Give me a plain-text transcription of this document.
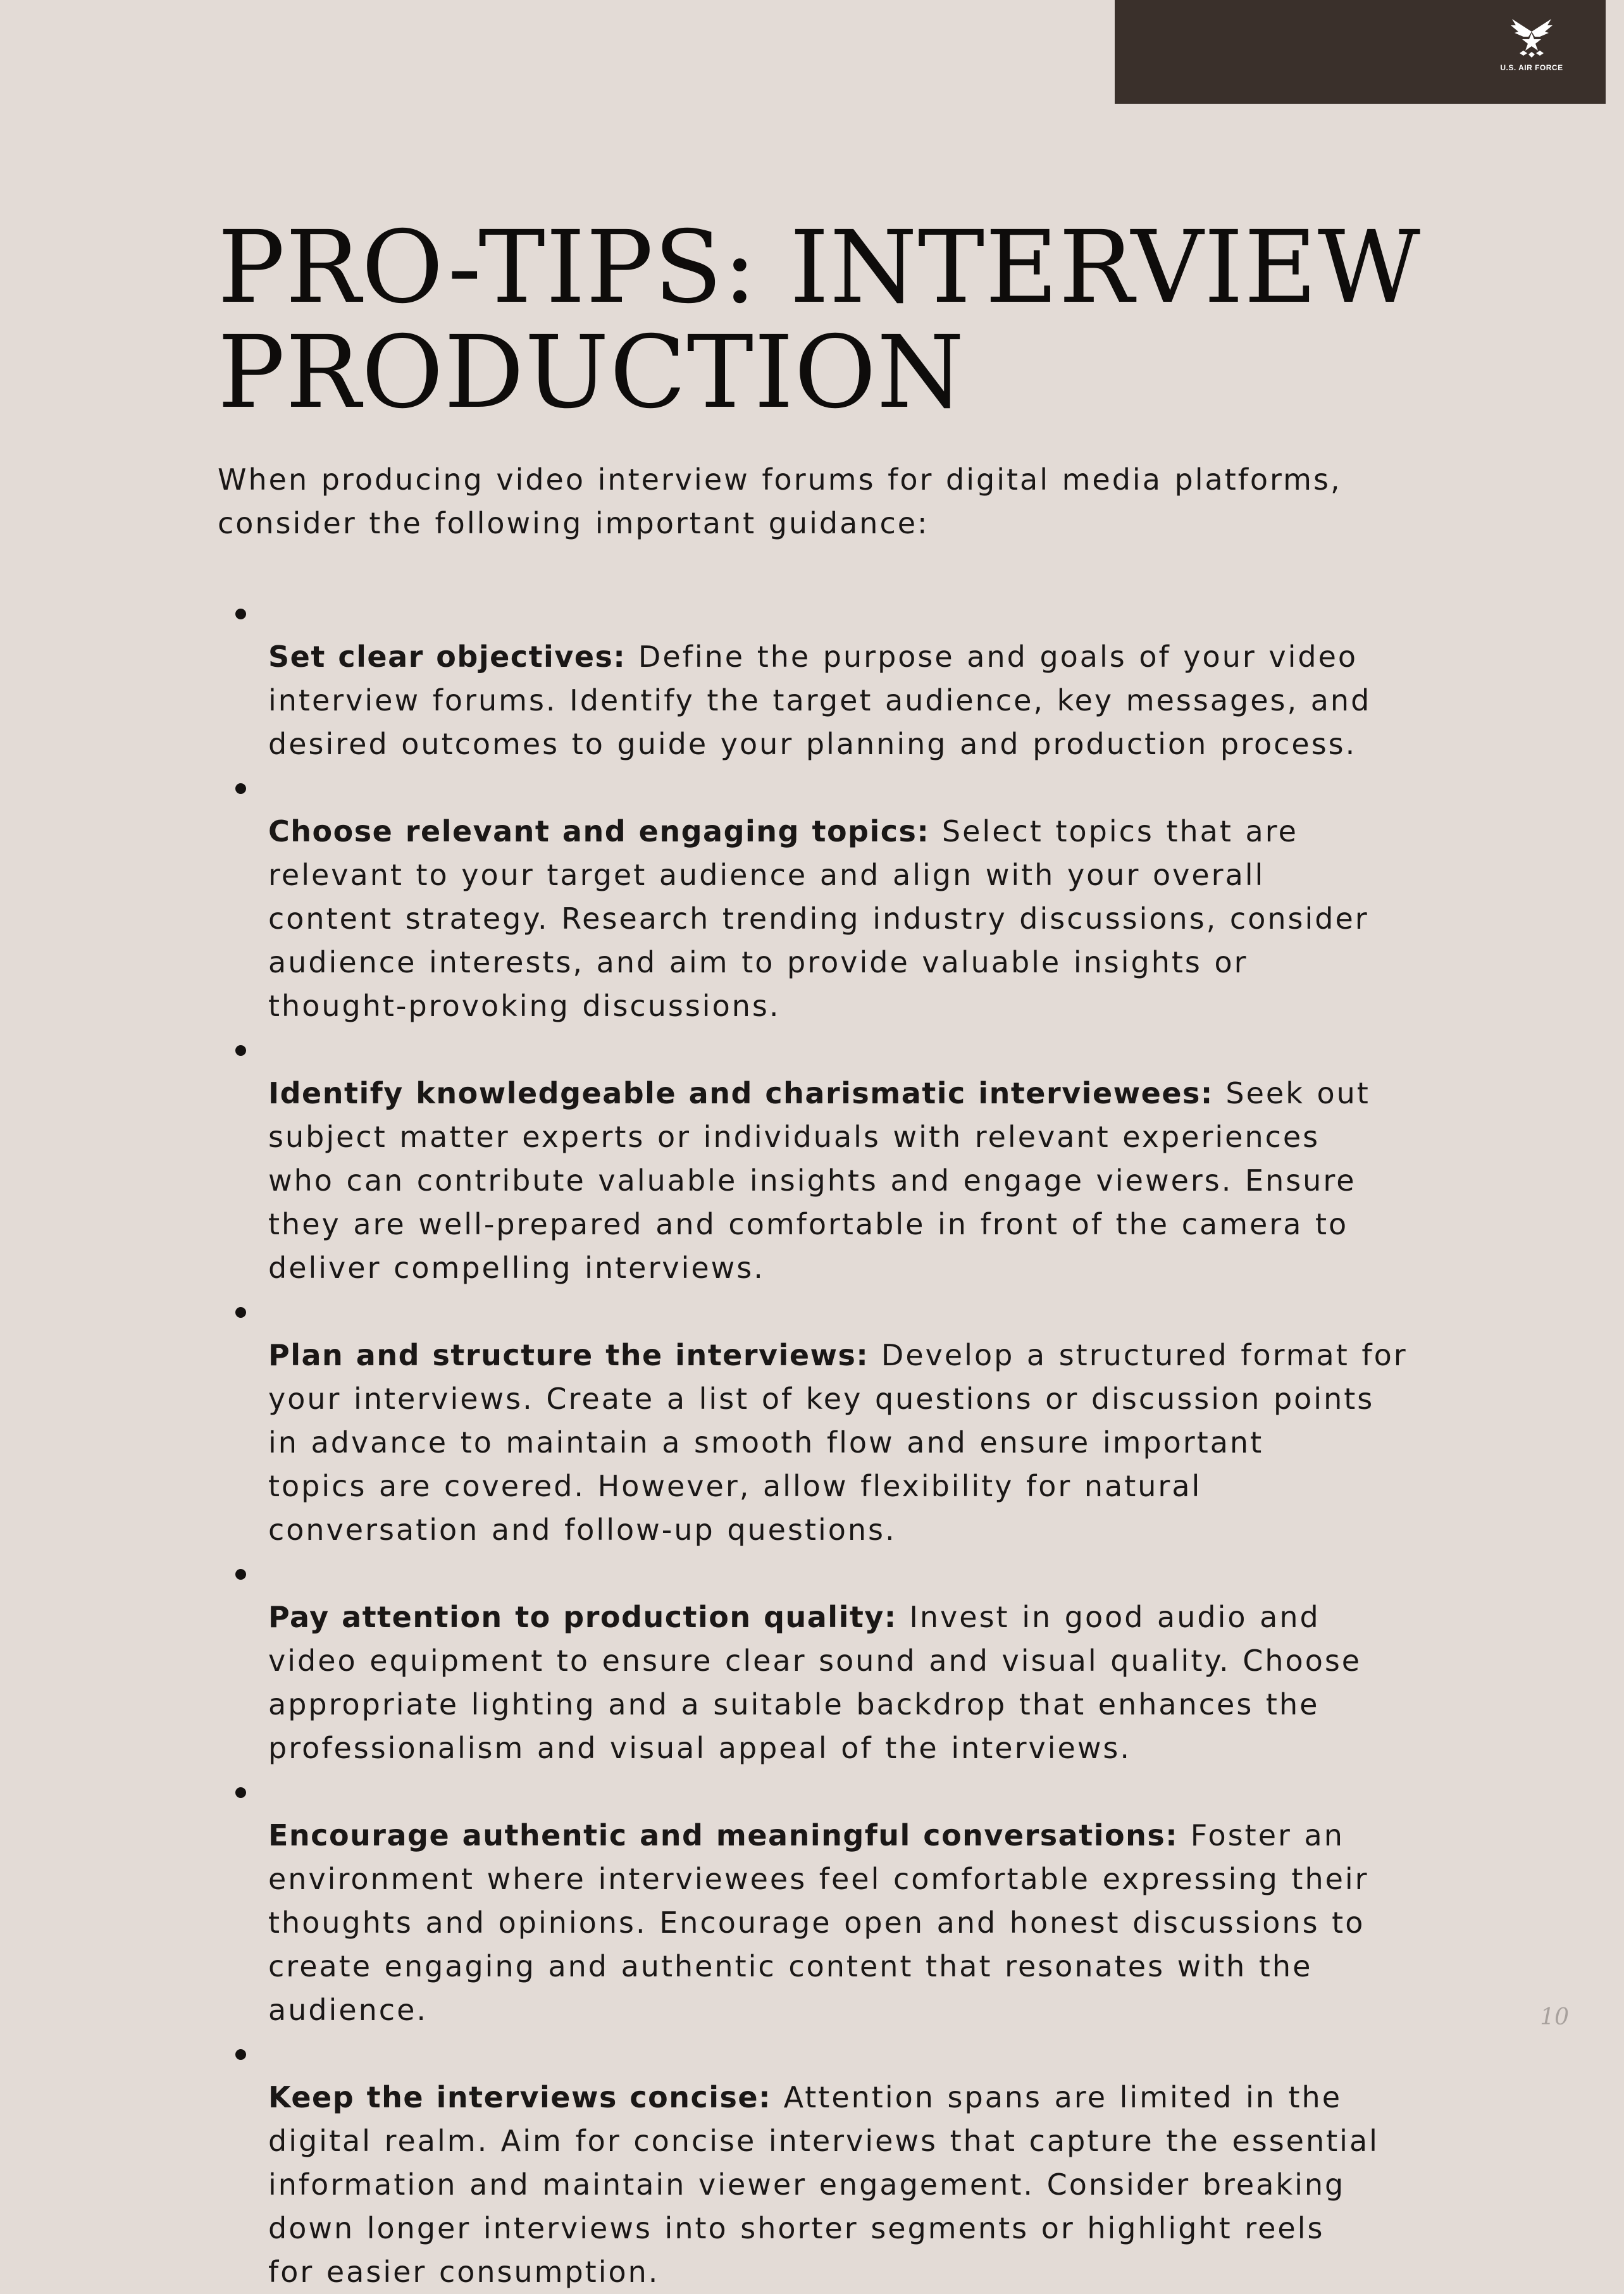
U.S. AIR FORCE
PRO-TIPS: INTERVIEW
PRODUCTION

When producing video interview forums for digital media platforms,
consider the following important guidance:

Set clear objectives: Define the purpose and goals of your video
interview forums. Identify the target audience, key messages, and
desired outcomes to guide your planning and production process.

Choose relevant and engaging topics: Select topics that are
relevant to your target audience and align with your overall
content strategy. Research trending industry discussions, consider
audience interests, and aim to provide valuable insights or
thought-provoking discussions.

Identify knowledgeable and charismatic interviewees: Seek out
subject matter experts or individuals with relevant experiences
who can contribute valuable insights and engage viewers. Ensure
they are well-prepared and comfortable in front of the camera to
deliver compelling interviews.

Plan and structure the interviews: Develop a structured format for
your interviews. Create a list of key questions or discussion points
in advance to maintain a smooth flow and ensure important
topics are covered. However, allow flexibility for natural
conversation and follow-up questions.

Pay attention to production quality: Invest in good audio and
video equipment to ensure clear sound and visual quality. Choose
appropriate lighting and a suitable backdrop that enhances the
professionalism and visual appeal of the interviews.

Encourage authentic and meaningful conversations: Foster an
environment where interviewees feel comfortable expressing their
thoughts and opinions. Encourage open and honest discussions to
create engaging and authentic content that resonates with the
audience.

Keep the interviews concise: Attention spans are limited in the
digital realm. Aim for concise interviews that capture the essential
information and maintain viewer engagement. Consider breaking
down longer interviews into shorter segments or highlight reels
for easier consumption.

10
